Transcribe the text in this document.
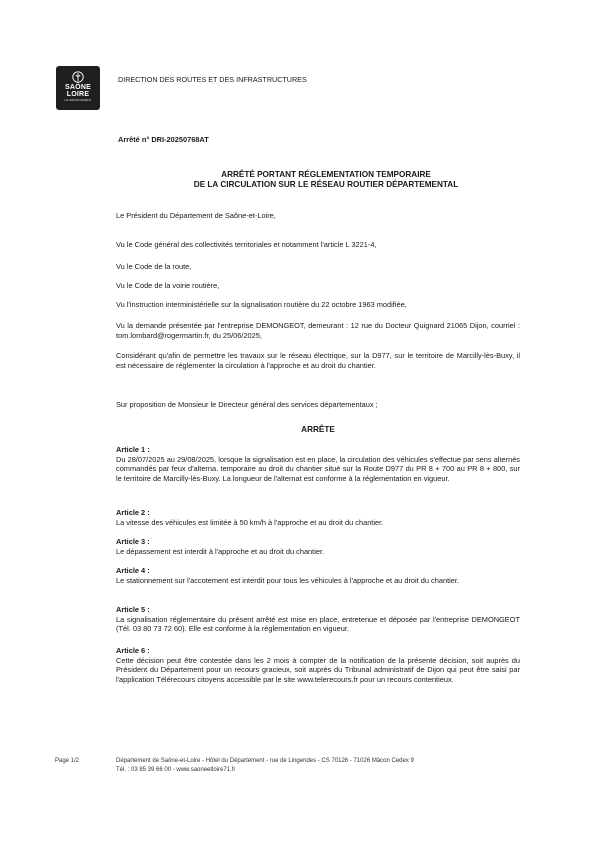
SAÔNE
LOIRE
LE DÉPARTEMENT
DIRECTION DES ROUTES ET DES INFRASTRUCTURES
Arrêté n° DRI-20250768AT
ARRÊTÉ PORTANT RÉGLEMENTATION TEMPORAIRE
DE LA CIRCULATION SUR LE RÉSEAU ROUTIER DÉPARTEMENTAL
Le Président du Département de Saône-et-Loire,
Vu le Code général des collectivités territoriales et notamment l'article L 3221-4,
Vu le Code de la route,
Vu le Code de la voirie routière,
Vu l'instruction interministérielle sur la signalisation routière du 22 octobre 1963 modifiée,
Vu la demande présentée par l'entreprise DEMONGEOT, demeurant : 12 rue du Docteur Quignard 21065 Dijon, courriel : tom.lombard@rogermartin.fr, du 25/06/2025,
Considérant qu'afin de permettre les travaux sur le réseau électrique, sur la D977, sur le territoire de Marcilly-lès-Buxy, il est nécessaire de réglementer la circulation à l'approche et au droit du chantier.
Sur proposition de Monsieur le Directeur général des services départementaux ;
ARRÊTE
Article 1 :
Du 28/07/2025 au 29/08/2025, lorsque la signalisation est en place, la circulation des véhicules s'effectue par sens alternés commandés par feux d'alterna. temporaire au droit du chantier situé sur la Route D977 du PR 8 + 700 au PR 8 + 800, sur le territoire de Marcilly-lès-Buxy. La longueur de l'alternat est conforme à la réglementation en vigueur.
Article 2 :
La vitesse des véhicules est limitée à 50 km/h à l'approche et au droit du chantier.
Article 3 :
Le dépassement est interdit à l'approche et au droit du chantier.
Article 4 :
Le stationnement sur l'accotement est interdit pour tous les véhicules à l'approche et au droit du chantier.
Article 5 :
La signalisation réglementaire du présent arrêté est mise en place, entretenue et déposée par l'entreprise DEMONGEOT (Tél. 03 80 73 72 60). Elle est conforme à la réglementation en vigueur.
Article 6 :
Cette décision peut être contestée dans les 2 mois à compter de la notification de la présente décision, soit auprès du Président du Département pour un recours gracieux, soit auprès du Tribunal administratif de Dijon qui peut être saisi par l'application Télérecours citoyens accessible par le site www.telerecours.fr pour un recours contentieux.
Page 1/2	Département de Saône-et-Loire - Hôtel du Département - rue de Lingendes - CS 70126 - 71026 Mâcon Cedex 9
Tél. : 03 85 39 66 00 - www.saoneetloire71.fr
